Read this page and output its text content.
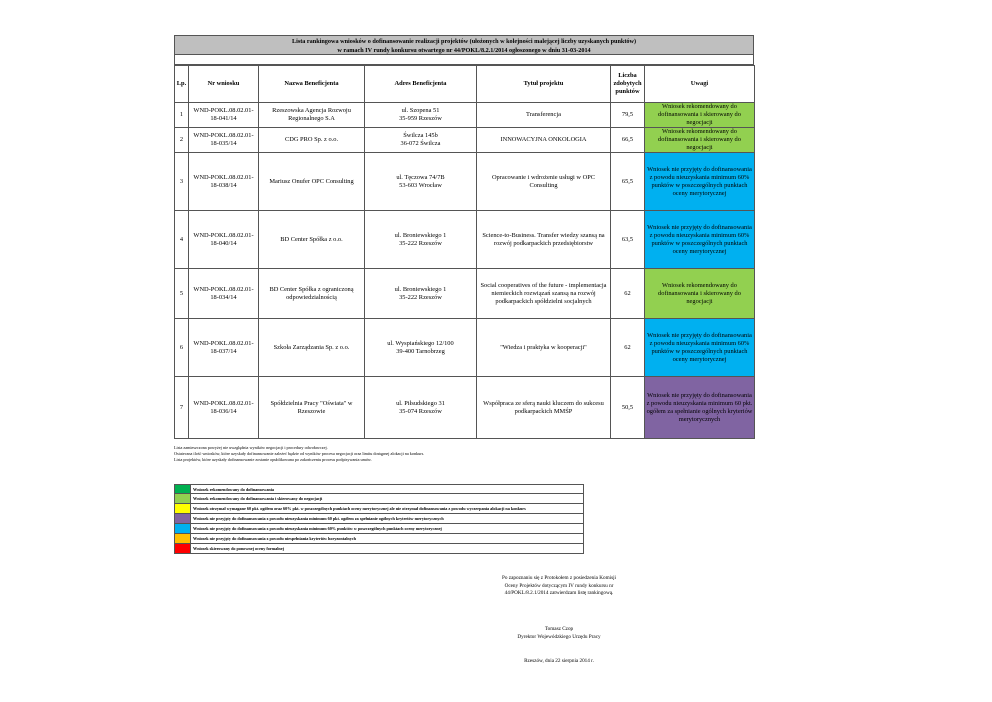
Lista rankingowa wniosków o dofinansowanie realizacji projektów (ułożonych w kolejności malejącej liczby uzyskanych punktów)
w ramach IV rundy konkursu otwartego nr 44/POKL/8.2.1/2014 ogłoszonego w dniu 31-03-2014
Lp.	Nr wniosku	Nazwa Beneficjenta	Adres Beneficjenta	Tytuł projektu	Liczba zdobytych punktów	Uwagi
1	WND-POKL.08.02.01-18-041/14	Rzeszowska Agencja Rozwoju Regionalnego S.A	ul. Szopena 51
35-959 Rzeszów	Transferencja	79,5	Wniosek rekomendowany do dofinansowania i skierowany do negocjacji
2	WND-POKL.08.02.01-18-035/14	CDG PRO Sp. z o.o.	Świlcza 145b
36-072 Świlcza	INNOWACYJNA ONKOLOGIA	66,5	Wniosek rekomendowany do dofinansowania i skierowany do negocjacji
3	WND-POKL.08.02.01-18-038/14	Mariusz Onufer OPC Consulting	ul. Tęczowa 74/7B
53-603 Wrocław	Opracowanie i wdrożenie usługi w OPC Consulting	65,5	Wniosek nie przyjęty do dofinansowania z powodu nieuzyskania minimum 60% punktów w poszczególnych punktach oceny merytorycznej
4	WND-POKL.08.02.01-18-040/14	BD Center Spółka z o.o.	ul. Broniewskiego 1
35-222 Rzeszów	Science-to-Business. Transfer wiedzy szansą na rozwój podkarpackich przedsiębiorstw	63,5	Wniosek nie przyjęty do dofinansowania z powodu nieuzyskania minimum 60% punktów w poszczególnych punktach oceny merytorycznej
5	WND-POKL.08.02.01-18-034/14	BD Center Spółka z ograniczoną odpowiedzialnością	ul. Broniewskiego 1
35-222 Rzeszów	Social cooperatives of the future - implementacja niemieckich rozwiązań szansą na rozwój podkarpackich spółdzielni socjalnych	62	Wniosek rekomendowany do dofinansowania i skierowany do negocjacji
6	WND-POKL.08.02.01-18-037/14	Szkoła Zarządzania Sp. z o.o.	ul. Wyspiańskiego 12/100
39-400 Tarnobrzeg	"Wiedza i praktyka w kooperacji"	62	Wniosek nie przyjęty do dofinansowania z powodu nieuzyskania minimum 60% punktów w poszczególnych punktach oceny merytorycznej
7	WND-POKL.08.02.01-18-036/14	Spółdzielnia Pracy "Oświata" w Rzeszowie	ul. Piłsudskiego 31
35-074 Rzeszów	Współpraca ze sferą nauki kluczem do sukcesu podkarpackich MMŚP	50,5	Wniosek nie przyjęty do dofinansowania z powodu nieuzyskania minimum 60 pkt. ogółem za spełnianie ogólnych kryteriów merytorycznych
Lista zamieszczona powyżej nie uwzględnia wyników negocjacji i procedury odwoławczej.
Ostateczna ilość wniosków, które uzyskały dofinansowanie zależeć będzie od wyników procesu negocjacji oraz limitu dostępnej alokacji na konkurs.
Lista projektów, które uzyskały dofinansowanie zostanie opublikowana po zakończeniu procesu podpisywania umów.
Wniosek rekomendowany do dofinansowania
Wniosek rekomendowany do dofinansowania i skierowany do negocjacji
Wniosek otrzymał wymagane 60 pkt. ogółem oraz 60% pkt. w poszczególnych punktach oceny merytorycznej ale nie otrzymał dofinansowania z powodu wyczerpania alokacji na konkurs
Wniosek nie przyjęty do dofinansowania z powodu nieuzyskania minimum 60 pkt. ogółem za spełnianie ogólnych kryteriów merytorycznych
Wniosek nie przyjęty do dofinansowania z powodu nieuzyskania minimum 60% punktów w poszczególnych punktach oceny merytorycznej
Wniosek nie przyjęty do dofinansowania z powodu niespełniania kryteriów horyzontalnych
Wniosek skierowany do ponownej oceny formalnej
Po zapoznaniu się z Protokołem z posiedzenia Komisji
Oceny Projektów dotyczącym IV rundy konkursu nr
44/POKL/8.2.1/2014 zatwierdzam listę rankingową.
Tomasz Czop
Dyrektor Wojewódzkiego Urzędu Pracy
Rzeszów, dnia 22 sierpnia 2014 r.
